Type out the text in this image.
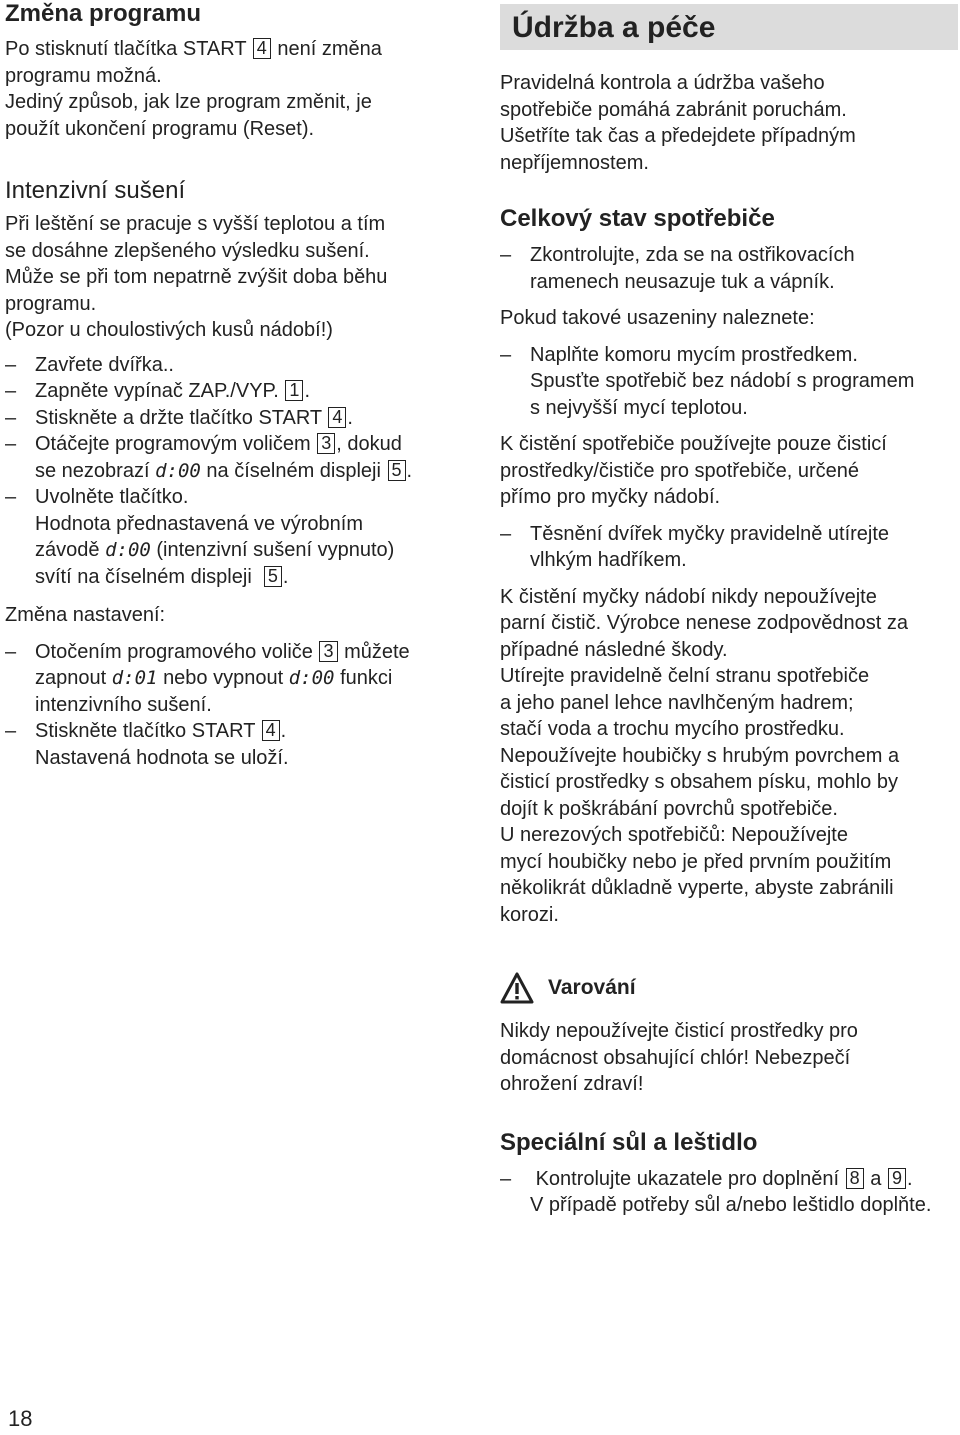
Změna programu

Po stisknutí tlačítka START 4 není změna

programu možná.

Jediný způsob, jak lze program změnit, je

použít ukončení programu (Reset).

Intenzivní sušení

Při leštění se pracuje s vyšší teplotou a tím

se dosáhne zlepšeného výsledku sušení.

Může se při tom nepatrně zvýšit doba běhu

programu.

(Pozor u choulostivých kusů nádobí!)

– Zavřete dvířka..
– Zapněte vypínač ZAP./VYP. 1 .
– Stiskněte a držte tlačítko START 4 .
– Otáčejte programovým voličem 3 , dokud
se nezobrazí d:00 na číselném displeji 5 .
– Uvolněte tlačítko.
Hodnota přednastavená ve výrobním
závodě d:00 (intenzivní sušení vypnuto)
svítí na číselném displeji 5 .

Změna nastavení:

– Otočením programového voliče 3 můžete
zapnout d:01 nebo vypnout d:00 funkci
intenzivního sušení.
– Stiskněte tlačítko START 4 .
Nastavená hodnota se uloží.
Údržba a péče

Pravidelná kontrola a údržba vašeho

spotřebiče pomáhá zabránit poruchám.

Ušetříte tak čas a předejdete případným

nepříjemnostem.

Celkový stav spotřebiče
– Zkontrolujte, zda se na ostřikovacích
ramenech neusazuje tuk a vápník.

Pokud takové usazeniny naleznete:

– Naplňte komoru mycím prostředkem.
Spusťte spotřebič bez nádobí s programem
s nejvyšší mycí teplotou.

K čistění spotřebiče používejte pouze čisticí

prostředky/čističe pro spotřebiče, určené

přímo pro myčky nádobí.

– Těsnění dvířek myčky pravidelně utírejte
vlhkým hadříkem.

K čistění myčky nádobí nikdy nepoužívejte

parní čistič. Výrobce nenese zodpovědnost za

případné následné škody.

Utírejte pravidelně čelní stranu spotřebiče

a jeho panel lehce navlhčeným hadrem;

stačí voda a trochu mycího prostředku.

Nepoužívejte houbičky s hrubým povrchem a

čisticí prostředky s obsahem písku, mohlo by

dojít k poškrábání povrchů spotřebiče.

U nerezových spotřebičů: Nepoužívejte

mycí houbičky nebo je před prvním použitím

několikrát důkladně vyperte, abyste zabránili

korozi.

Varování

Nikdy nepoužívejte čisticí prostředky pro

domácnost obsahující chlór! Nebezpečí

ohrožení zdraví!

Speciální sůl a leštidlo
– Kontrolujte ukazatele pro doplnění 8 a 9 .
V případě potřeby sůl a/nebo leštidlo doplňte.
18
